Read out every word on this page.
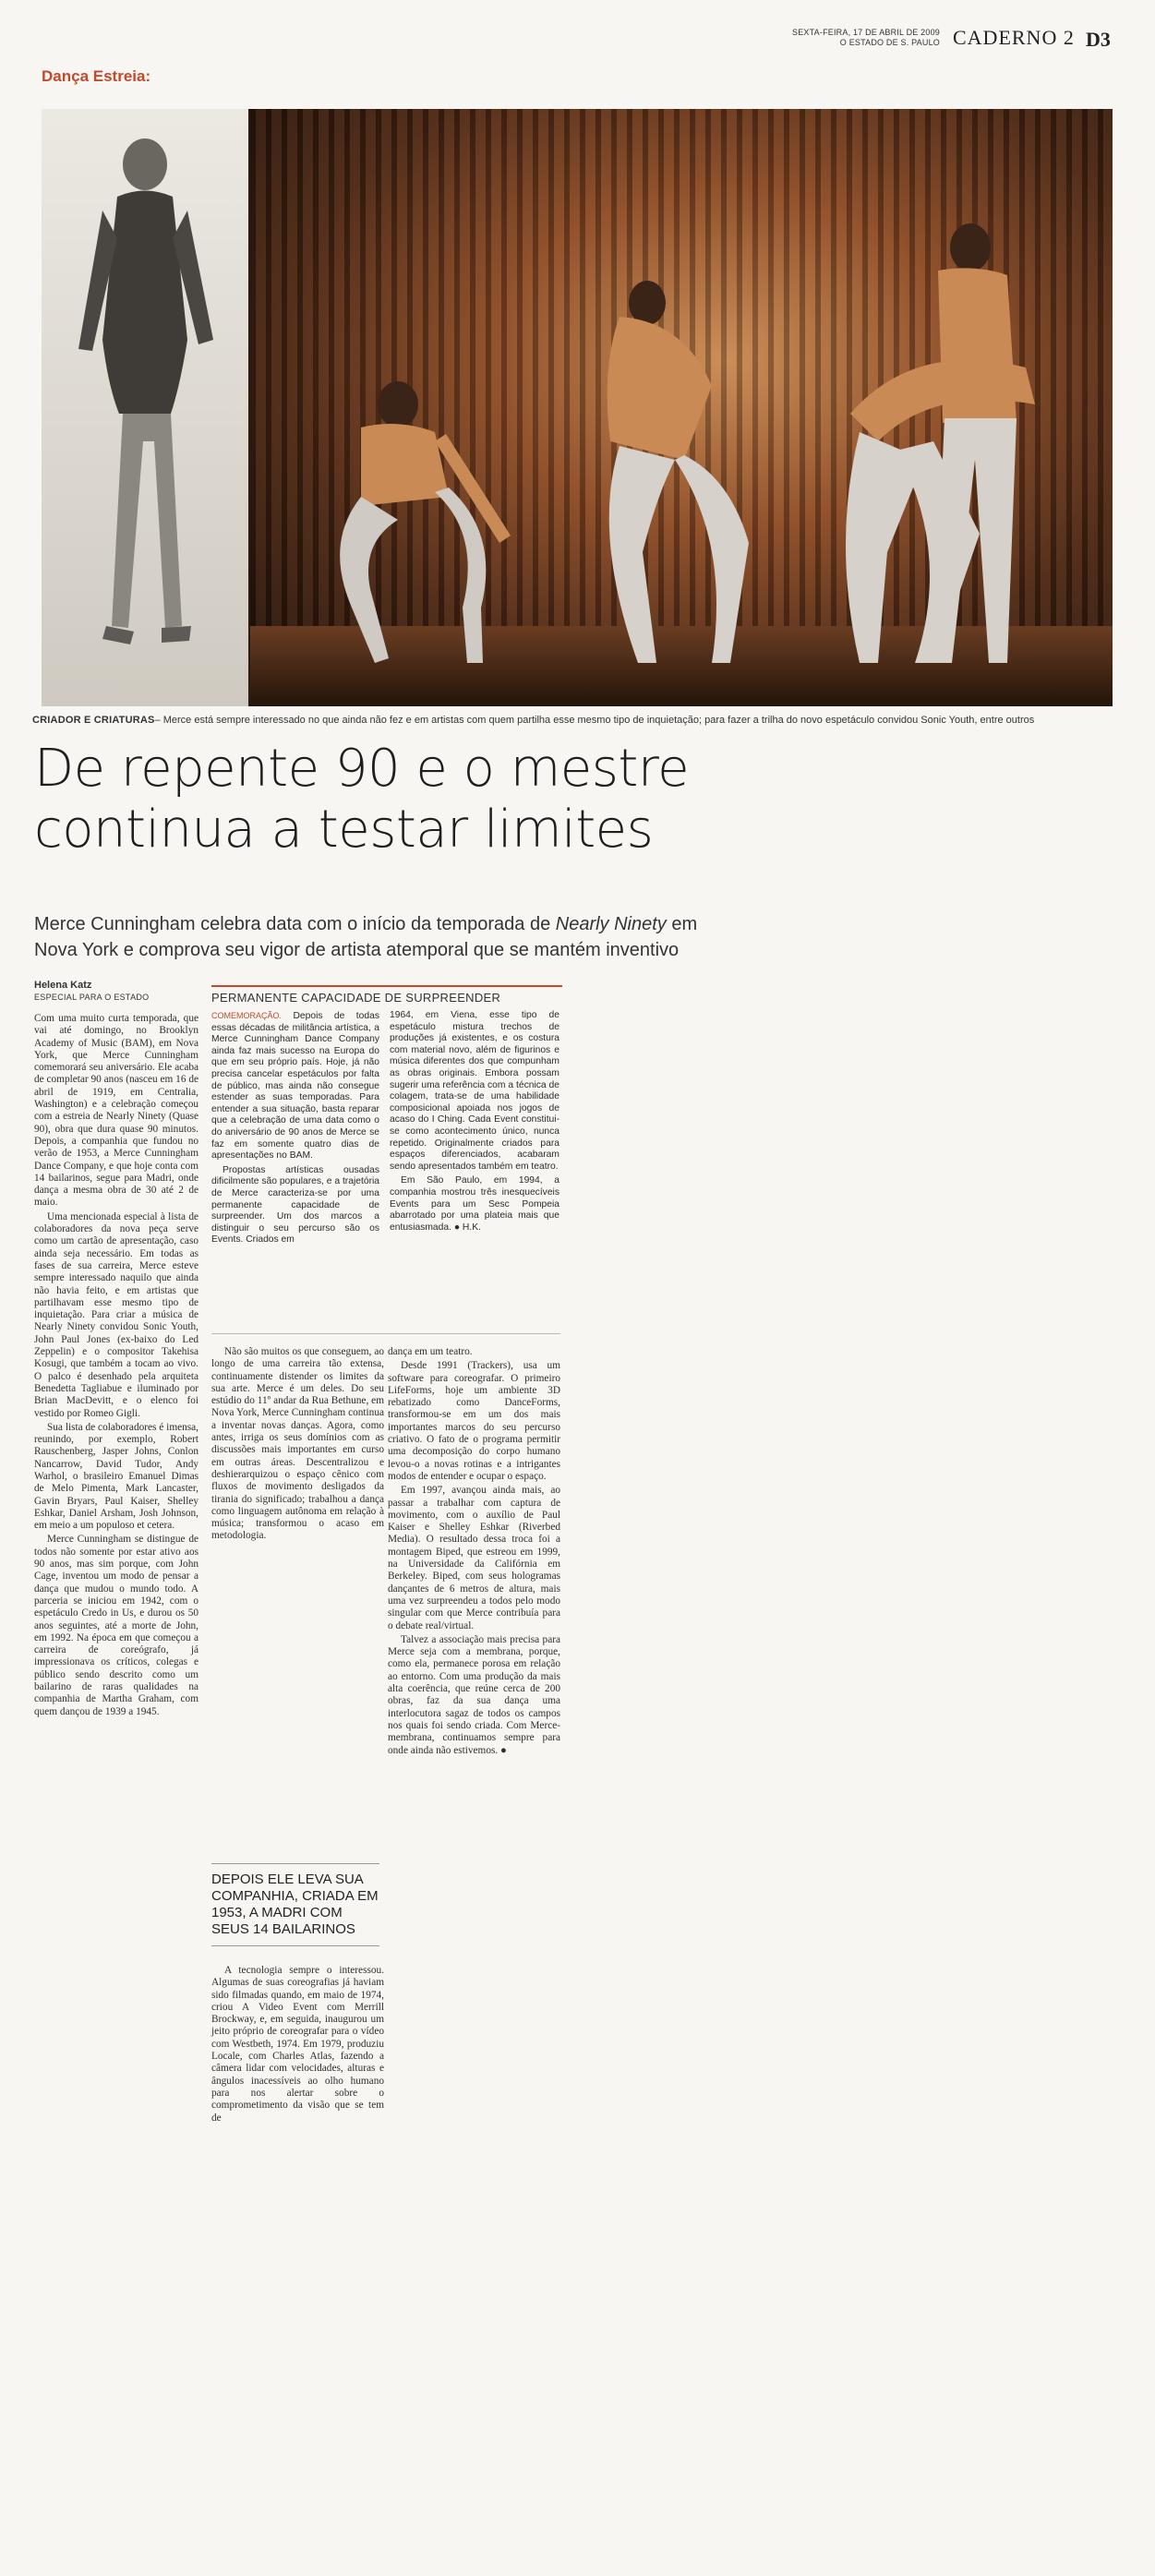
SEXTA-FEIRA, 17 DE ABRIL DE 2009
O ESTADO DE S. PAULO CADERNO 2 D3
Dança Estreia:
CRIADOR E CRIATURAS– Merce está sempre interessado no que ainda não fez e em artistas com quem partilha esse mesmo tipo de inquietação; para fazer a trilha do novo espetáculo convidou Sonic Youth, entre outros
De repente 90 e o mestre
continua a testar limites
Merce Cunningham celebra data com o início da temporada de Nearly Ninety em
Nova York e comprova seu vigor de artista atemporal que se mantém inventivo
Helena Katz
ESPECIAL PARA O ESTADO

Com uma muito curta temporada, que vai até domingo, no Brooklyn Academy of Music (BAM), em Nova York, que Merce Cunningham comemorará seu aniversário. Ele acaba de completar 90 anos (nasceu em 16 de abril de 1919, em Centralia, Washington) e a celebração começou com a estreia de Nearly Ninety (Quase 90), obra que dura quase 90 minutos. Depois, a companhia que fundou no verão de 1953, a Merce Cunningham Dance Company, e que hoje conta com 14 bailarinos, segue para Madri, onde dança a mesma obra de 30 até 2 de maio.

Uma mencionada especial à lista de colaboradores da nova peça serve como um cartão de apresentação, caso ainda seja necessário. Em todas as fases de sua carreira, Merce esteve sempre interessado naquilo que ainda não havia feito, e em artistas que partilhavam esse mesmo tipo de inquietação. Para criar a música de Nearly Ninety convidou Sonic Youth, John Paul Jones (ex-baixo do Led Zeppelin) e o compositor Takehisa Kosugi, que também a tocam ao vivo. O palco é desenhado pela arquiteta Benedetta Tagliabue e iluminado por Brian MacDevitt, e o elenco foi vestido por Romeo Gigli.

Sua lista de colaboradores é imensa, reunindo, por exemplo, Robert Rauschenberg, Jasper Johns, Conlon Nancarrow, David Tudor, Andy Warhol, o brasileiro Emanuel Dimas de Melo Pimenta, Mark Lancaster, Gavin Bryars, Paul Kaiser, Shelley Eshkar, Daniel Arsham, Josh Johnson, em meio a um populoso et cetera.

Merce Cunningham se distingue de todos não somente por estar ativo aos 90 anos, mas sim porque, com John Cage, inventou um modo de pensar a dança que mudou o mundo todo. A parceria se iniciou em 1942, com o espetáculo Credo in Us, e durou os 50 anos seguintes, até a morte de John, em 1992. Na época em que começou a carreira de coreógrafo, já impressionava os críticos, colegas e público sendo descrito como um bailarino de raras qualidades na companhia de Martha Graham, com quem dançou de 1939 a 1945.

PERMANENTE CAPACIDADE DE SURPREENDER

COMEMORAÇÃO. Depois de todas essas décadas de militância artística, a Merce Cunningham Dance Company ainda faz mais sucesso na Europa do que em seu próprio país. Hoje, já não precisa cancelar espetáculos por falta de público, mas ainda não consegue estender as suas temporadas. Para entender a sua situação, basta reparar que a celebração de uma data como o do aniversário de 90 anos de Merce se faz em somente quatro dias de apresentações no BAM.

Propostas artísticas ousadas dificilmente são populares, e a trajetória de Merce caracteriza-se por uma permanente capacidade de surpreender. Um dos marcos a distinguir o seu percurso são os Events. Criados em

1964, em Viena, esse tipo de espetáculo mistura trechos de produções já existentes, e os costura com material novo, além de figurinos e música diferentes dos que compunham as obras originais. Embora possam sugerir uma referência com a técnica de colagem, trata-se de uma habilidade composicional apoiada nos jogos de acaso do I Ching. Cada Event constitui-se como acontecimento único, nunca repetido. Originalmente criados para espaços diferenciados, acabaram sendo apresentados também em teatro.

Em São Paulo, em 1994, a companhia mostrou três inesquecíveis Events para um Sesc Pompeia abarrotado por uma plateia mais que entusiasmada. ● H.K.

Não são muitos os que conseguem, ao longo de uma carreira tão extensa, continuamente distender os limites da sua arte. Merce é um deles. Do seu estúdio do 11º andar da Rua Bethune, em Nova York, Merce Cunningham continua a inventar novas danças. Agora, como antes, irriga os seus domínios com as discussões mais importantes em curso em outras áreas. Descentralizou e deshierarquizou o espaço cênico com fluxos de movimento desligados da tirania do significado; trabalhou a dança como linguagem autônoma em relação à música; transformou o acaso em metodologia.

DEPOIS ELE LEVA SUA COMPANHIA, CRIADA EM 1953, A MADRI COM SEUS 14 BAILARINOS

A tecnologia sempre o interessou. Algumas de suas coreografias já haviam sido filmadas quando, em maio de 1974, criou A Video Event com Merrill Brockway, e, em seguida, inaugurou um jeito próprio de coreografar para o vídeo com Westbeth, 1974. Em 1979, produziu Locale, com Charles Atlas, fazendo a câmera lidar com velocidades, alturas e ângulos inacessíveis ao olho humano para nos alertar sobre o comprometimento da visão que se tem de

dança em um teatro.

Desde 1991 (Trackers), usa um software para coreografar. O primeiro LifeForms, hoje um ambiente 3D rebatizado como DanceForms, transformou-se em um dos mais importantes marcos do seu percurso criativo. O fato de o programa permitir uma decomposição do corpo humano levou-o a novas rotinas e a intrigantes modos de entender e ocupar o espaço.

Em 1997, avançou ainda mais, ao passar a trabalhar com captura de movimento, com o auxílio de Paul Kaiser e Shelley Eshkar (Riverbed Media). O resultado dessa troca foi a montagem Biped, que estreou em 1999, na Universidade da Califórnia em Berkeley. Biped, com seus hologramas dançantes de 6 metros de altura, mais uma vez surpreendeu a todos pelo modo singular com que Merce contribuía para o debate real/virtual.

Talvez a associação mais precisa para Merce seja com a membrana, porque, como ela, permanece porosa em relação ao entorno. Com uma produção da mais alta coerência, que reúne cerca de 200 obras, faz da sua dança uma interlocutora sagaz de todos os campos nos quais foi sendo criada. Com Merce-membrana, continuamos sempre para onde ainda não estivemos. ●
